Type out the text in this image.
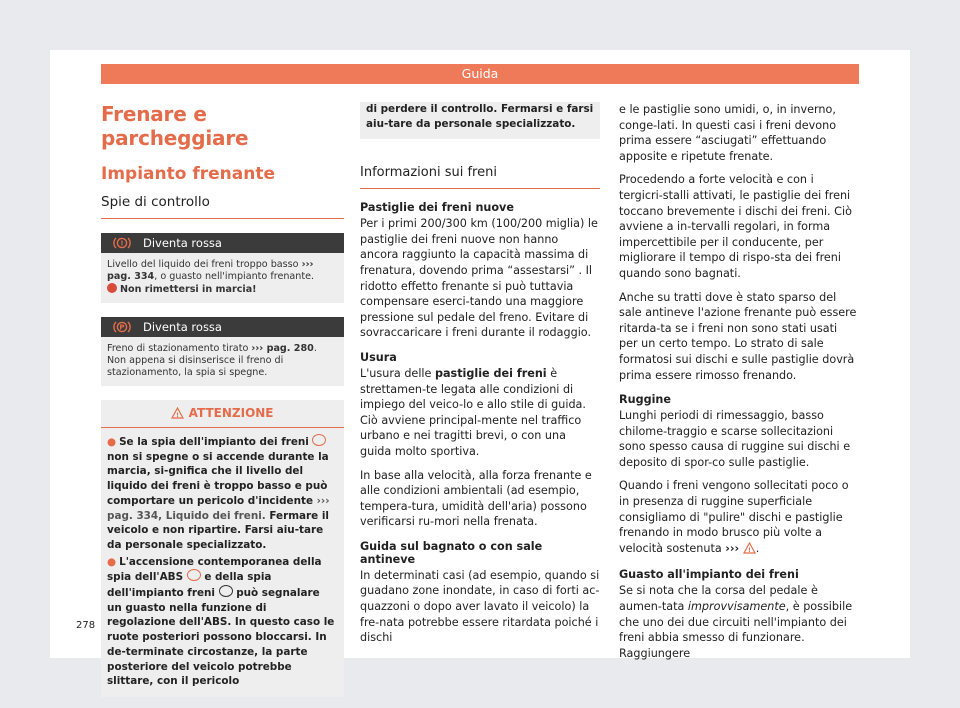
Guida
Frenare e parcheggiare
Impianto frenante
Spie di controllo
! Diventa rossa
Livello del liquido dei freni troppo basso ››› pag. 334, o guasto nell'impianto frenante.
Non rimettersi in marcia!
P Diventa rossa
Freno di stazionamento tirato ››› pag. 280. Non appena si disinserisce il freno di stazionamento, la spia si spegne.
! ATTENZIONE

● Se la spia dell'impianto dei freni  non si spegne o si accende durante la marcia, si-gnifica che il livello del liquido dei freni è troppo basso e può comportare un pericolo d'incidente ››› pag. 334, Liquido dei freni. Fermare il veicolo e non ripartire. Farsi aiu-tare da personale specializzato.

● L'accensione contemporanea della spia dell'ABS e della spia dell'impianto freni può segnalare un guasto nella funzione di regolazione dell'ABS. In questo caso le ruote posteriori possono bloccarsi. In de-terminate circostanze, la parte posteriore del veicolo potrebbe slittare, con il pericolo

di perdere il controllo. Fermarsi e farsi aiu-tare da personale specializzato.
Informazioni sui freni
Pastiglie dei freni nuove

Per i primi 200/300 km (100/200 miglia) le pastiglie dei freni nuove non hanno ancora raggiunto la capacità massima di frenatura, dovendo prima “assestarsi” . Il ridotto effetto frenante si può tuttavia compensare eserci-tando una maggiore pressione sul pedale del freno. Evitare di sovraccaricare i freni durante il rodaggio.

Usura

L'usura delle pastiglie dei freni è strettamen-te legata alle condizioni di impiego del veico-lo e allo stile di guida. Ciò avviene principal-mente nel traffico urbano e nei tragitti brevi, o con una guida molto sportiva.

In base alla velocità, alla forza frenante e alle condizioni ambientali (ad esempio, tempera-tura, umidità dell'aria) possono verificarsi ru-mori nella frenata.

Guida sul bagnato o con sale antineve

In determinati casi (ad esempio, quando si guadano zone inondate, in caso di forti ac-quazzoni o dopo aver lavato il veicolo) la fre-nata potrebbe essere ritardata poiché i dischi

e le pastiglie sono umidi, o, in inverno, conge-lati. In questi casi i freni devono prima essere “asciugati” effettuando apposite e ripetute frenate.

Procedendo a forte velocità e con i tergicri-stalli attivati, le pastiglie dei freni toccano brevemente i dischi dei freni. Ciò avviene a in-tervalli regolari, in forma impercettibile per il conducente, per migliorare il tempo di rispo-sta dei freni quando sono bagnati.

Anche su tratti dove è stato sparso del sale antineve l'azione frenante può essere ritarda-ta se i freni non sono stati usati per un certo tempo. Lo strato di sale formatosi sui dischi e sulle pastiglie dovrà prima essere rimosso frenando.

Ruggine

Lunghi periodi di rimessaggio, basso chilome-traggio e scarse sollecitazioni sono spesso causa di ruggine sui dischi e deposito di spor-co sulle pastiglie.

Quando i freni vengono sollecitati poco o in presenza di ruggine superficiale consigliamo di "pulire" dischi e pastiglie frenando in modo brusco più volte a velocità sostenuta ››› ! .

Guasto all'impianto dei freni

Se si nota che la corsa del pedale è aumen-tata improvvisamente, è possibile che uno dei due circuiti nell'impianto dei freni abbia smesso di funzionare. Raggiungere

278
